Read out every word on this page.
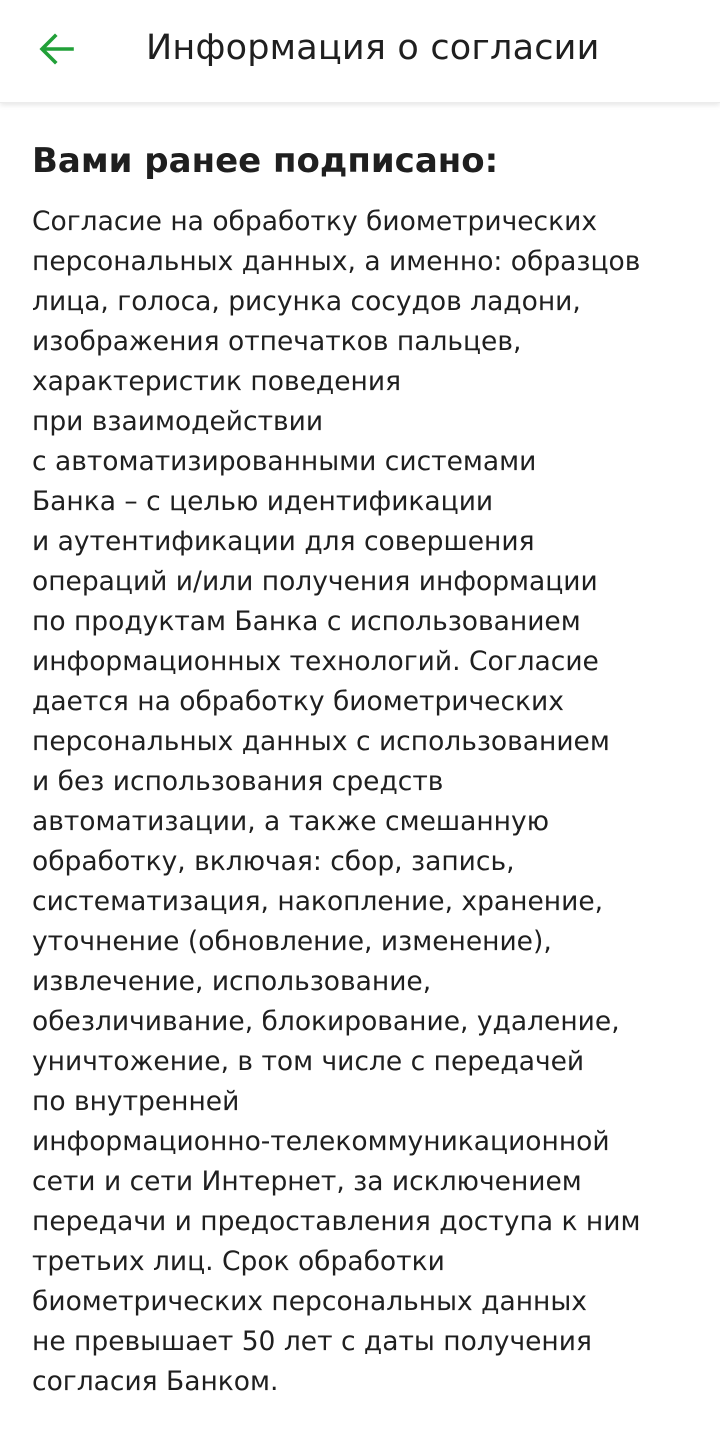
Информация о согласии
Вами ранее подписано:
Согласие на обработку биометрических
персональных данных, а именно: образцов
лица, голоса, рисунка сосудов ладони,
изображения отпечатков пальцев,
характеристик поведения
при взаимодействии
с автоматизированными системами
Банка – с целью идентификации
и аутентификации для совершения
операций и/или получения информации
по продуктам Банка с использованием
информационных технологий. Согласие
дается на обработку биометрических
персональных данных с использованием
и без использования средств
автоматизации, а также смешанную
обработку, включая: сбор, запись,
систематизация, накопление, хранение,
уточнение (обновление, изменение),
извлечение, использование,
обезличивание, блокирование, удаление,
уничтожение, в том числе с передачей
по внутренней
информационно-телекоммуникационной
сети и сети Интернет, за исключением
передачи и предоставления доступа к ним
третьих лиц. Срок обработки
биометрических персональных данных
не превышает 50 лет с даты получения
согласия Банком.
